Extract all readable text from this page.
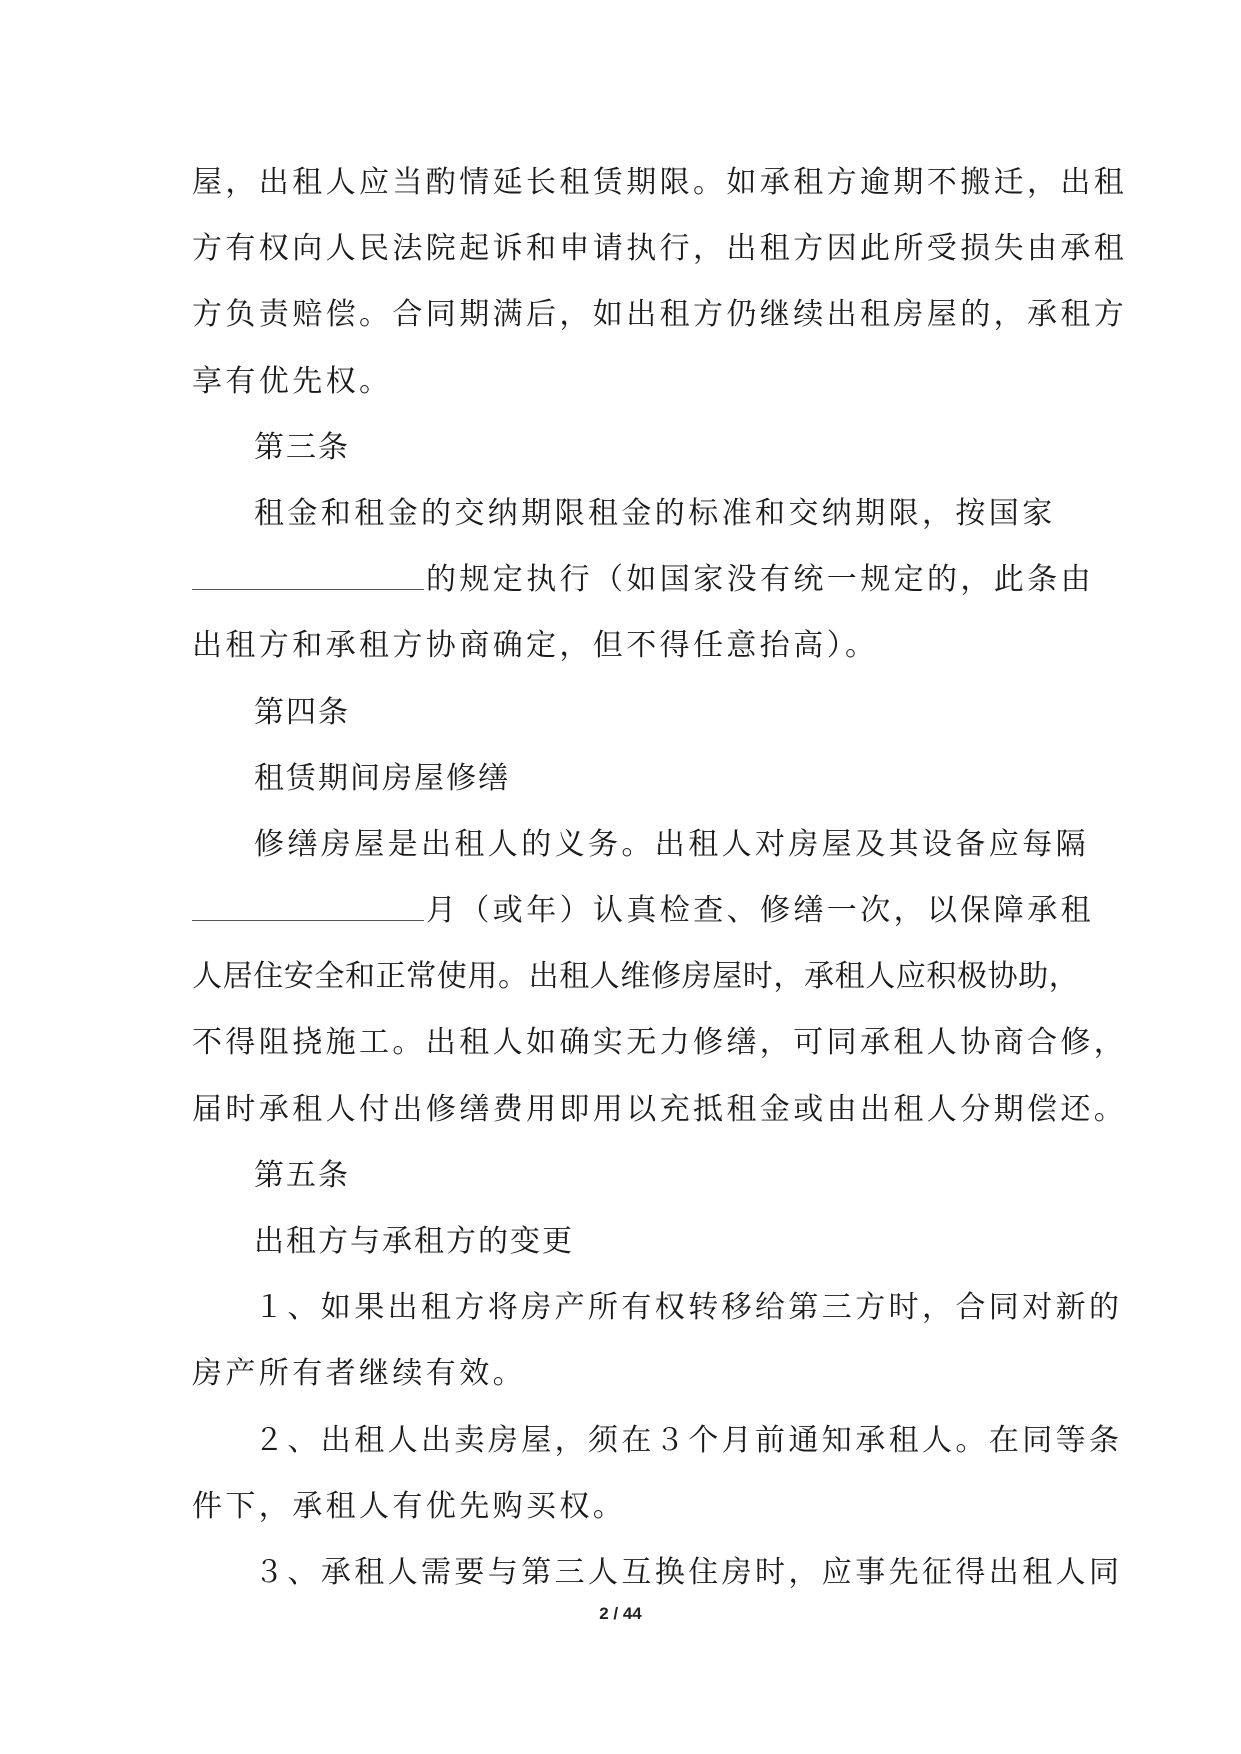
屋，出租人应当酌情延长租赁期限。如承租方逾期不搬迁，出租
方有权向人民法院起诉和申请执行，出租方因此所受损失由承租
方负责赔偿。合同期满后，如出租方仍继续出租房屋的，承租方
享有优先权。
第三条
租金和租金的交纳期限租金的标准和交纳期限，按国家
的规定执行（如国家没有统一规定的，此条由
出租方和承租方协商确定，但不得任意抬高）。
第四条
租赁期间房屋修缮
修缮房屋是出租人的义务。出租人对房屋及其设备应每隔
月（或年）认真检查、修缮一次，以保障承租
人居住安全和正常使用。出租人维修房屋时，承租人应积极协助，
不得阻挠施工。出租人如确实无力修缮，可同承租人协商合修，
届时承租人付出修缮费用即用以充抵租金或由出租人分期偿还。
第五条
出租方与承租方的变更
１、如果出租方将房产所有权转移给第三方时，合同对新的
房产所有者继续有效。
２、出租人出卖房屋，须在３个月前通知承租人。在同等条
件下，承租人有优先购买权。
３、承租人需要与第三人互换住房时，应事先征得出租人同
2 / 44
